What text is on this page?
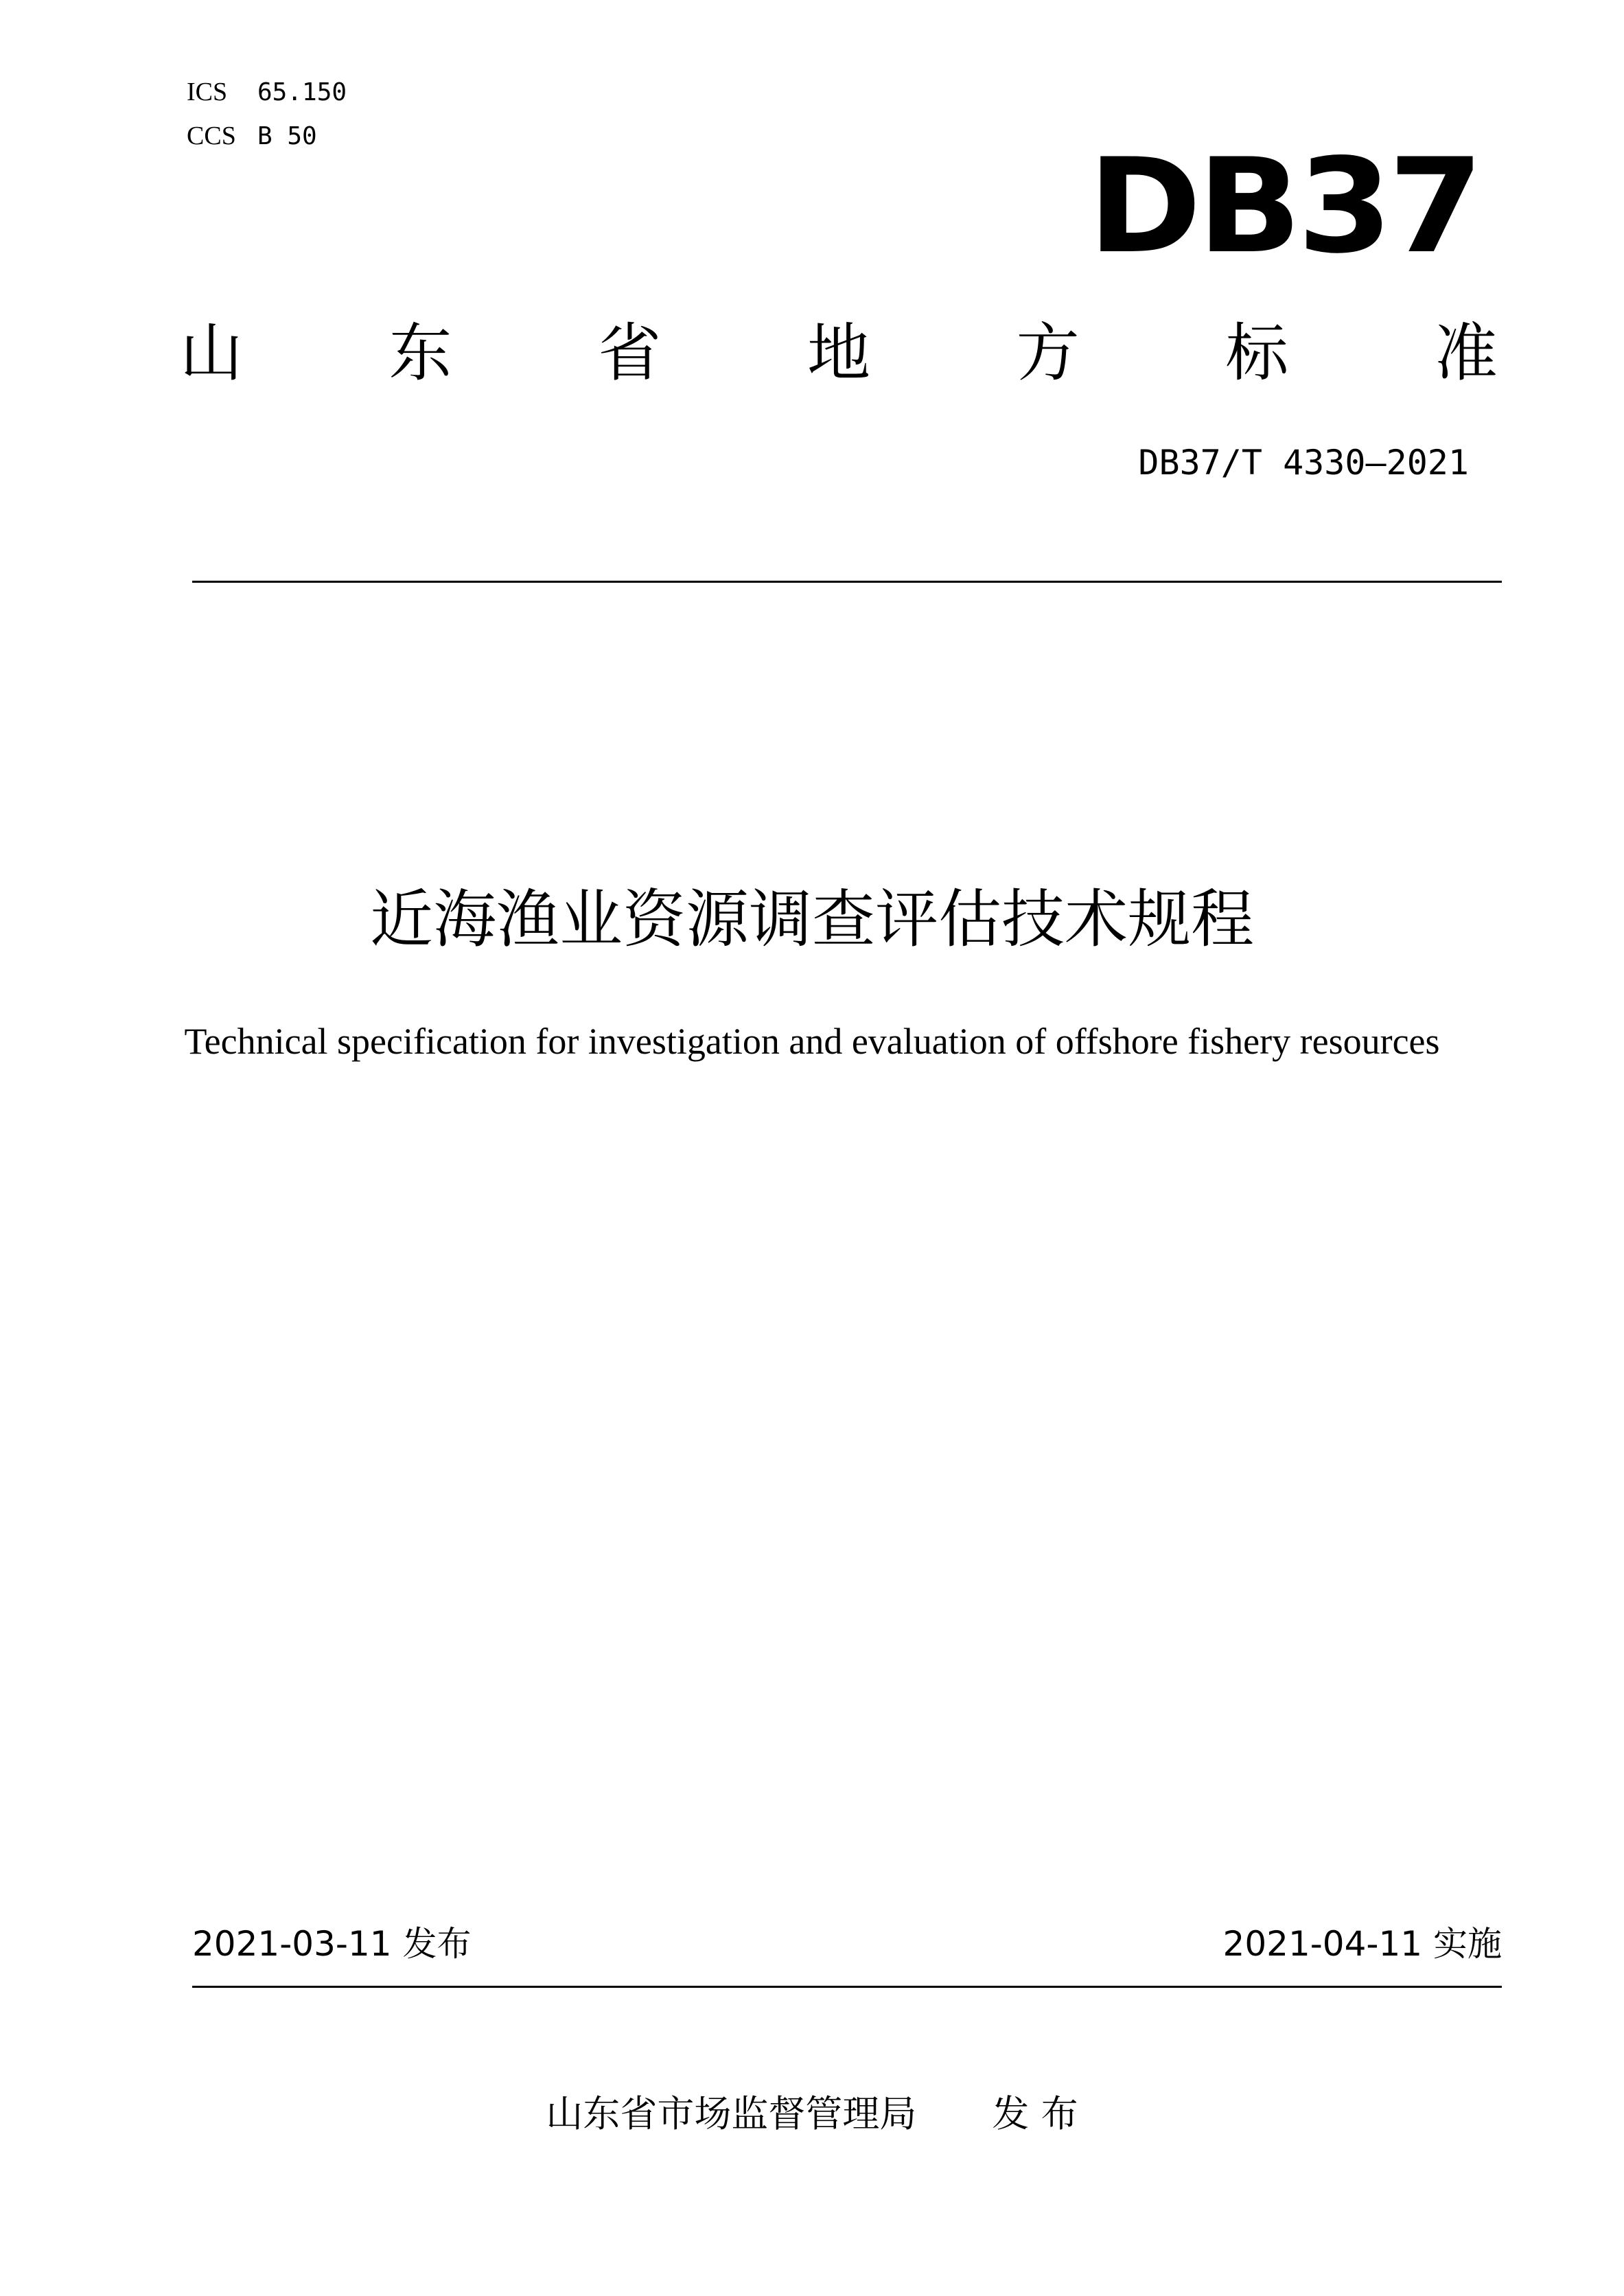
ICS 65.150
CCS B 50	DB37
山 东 省 地 方 标 准
DB37/T 4330—2021
近海渔业资源调查评估技术规程
Technical specification for investigation and evaluation of offshore fishery resources
2021-03-11 发布	2021-04-11 实施
山东省市场监督管理局 发 布
